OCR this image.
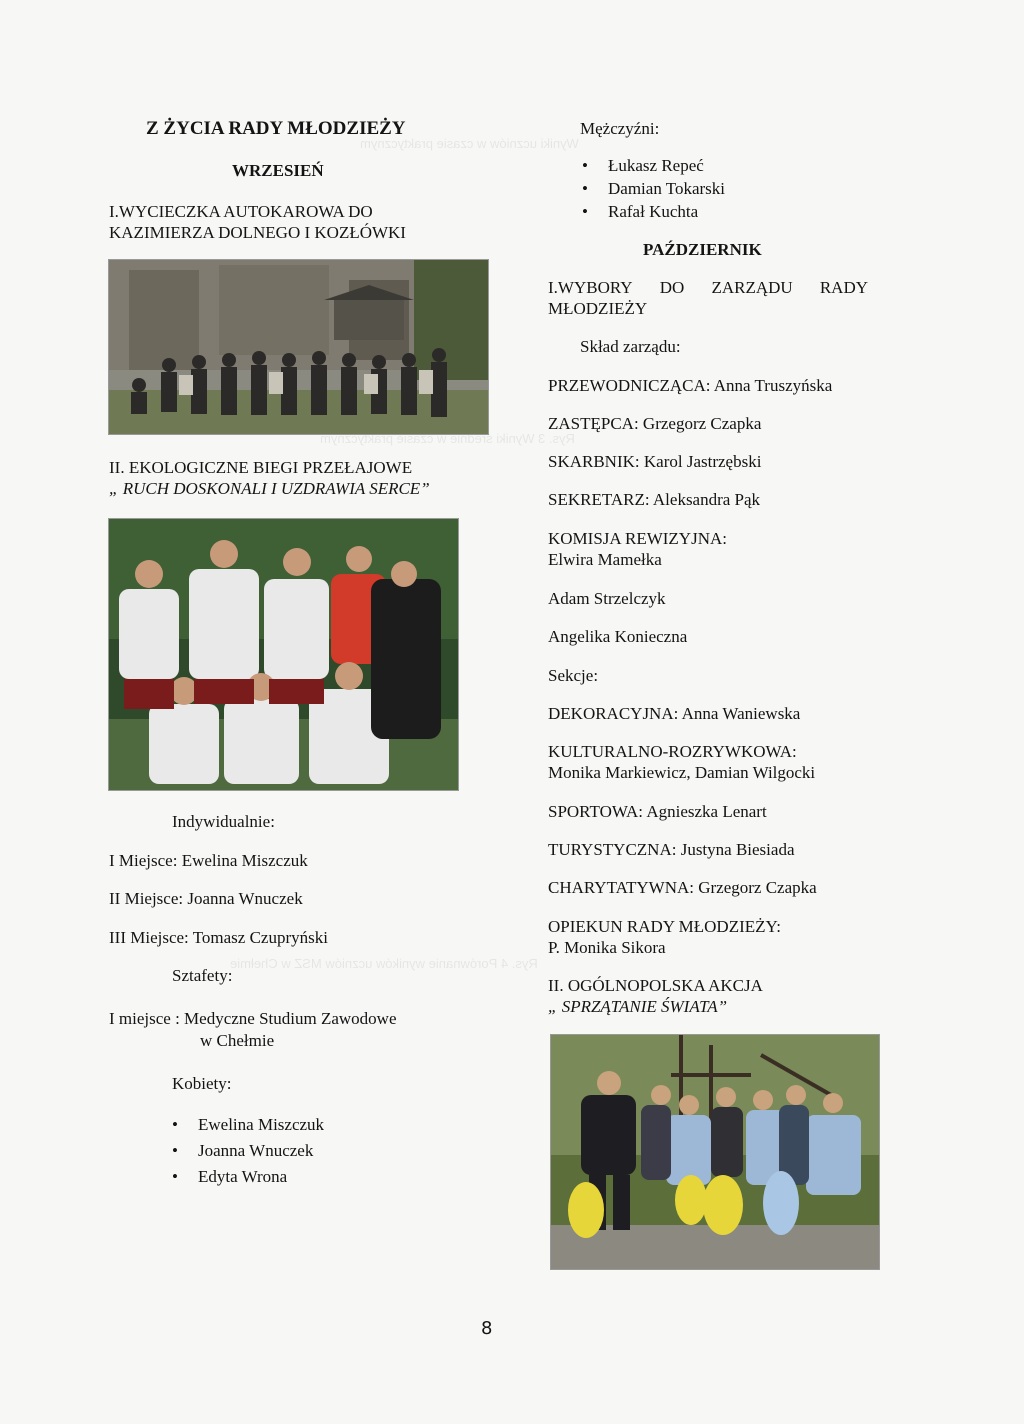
Wyniki uczniów w czasie praktycznym
Rys. 3 Wyniki średnie w czasie praktycznym
Rys. 4 Porównanie wyników uczniów MSZ w Chełmie
Z ŻYCIA RADY MŁODZIEŻY
WRZESIEŃ
I.WYCIECZKA AUTOKAROWA DO
KAZIMIERZA DOLNEGO I KOZŁÓWKI
II. EKOLOGICZNE BIEGI PRZEŁAJOWE
„ RUCH DOSKONALI I UZDRAWIA SERCE”
Indywidualnie:
I Miejsce: Ewelina Miszczuk
II Miejsce: Joanna Wnuczek
III Miejsce: Tomasz Czupryński
Sztafety:
I miejsce : Medyczne Studium Zawodowe
w Chełmie
Kobiety:
• Ewelina Miszczuk
• Joanna Wnuczek
• Edyta Wrona
Mężczyźni:
• Łukasz Repeć
• Damian Tokarski
• Rafał Kuchta
PAŹDZIERNIK
I.WYBORY DO ZARZĄDU RADY
MŁODZIEŻY
Skład zarządu:
PRZEWODNICZĄCA: Anna Truszyńska
ZASTĘPCA: Grzegorz Czapka
SKARBNIK: Karol Jastrzębski
SEKRETARZ: Aleksandra Pąk
KOMISJA REWIZYJNA:
Elwira Mamełka
Adam Strzelczyk
Angelika Konieczna
Sekcje:
DEKORACYJNA: Anna Waniewska
KULTURALNO-ROZRYWKOWA:
Monika Markiewicz, Damian Wilgocki
SPORTOWA: Agnieszka Lenart
TURYSTYCZNA: Justyna Biesiada
CHARYTATYWNA: Grzegorz Czapka
OPIEKUN RADY MŁODZIEŻY:
P. Monika Sikora
II. OGÓLNOPOLSKA AKCJA
„ SPRZĄTANIE ŚWIATA”
8
